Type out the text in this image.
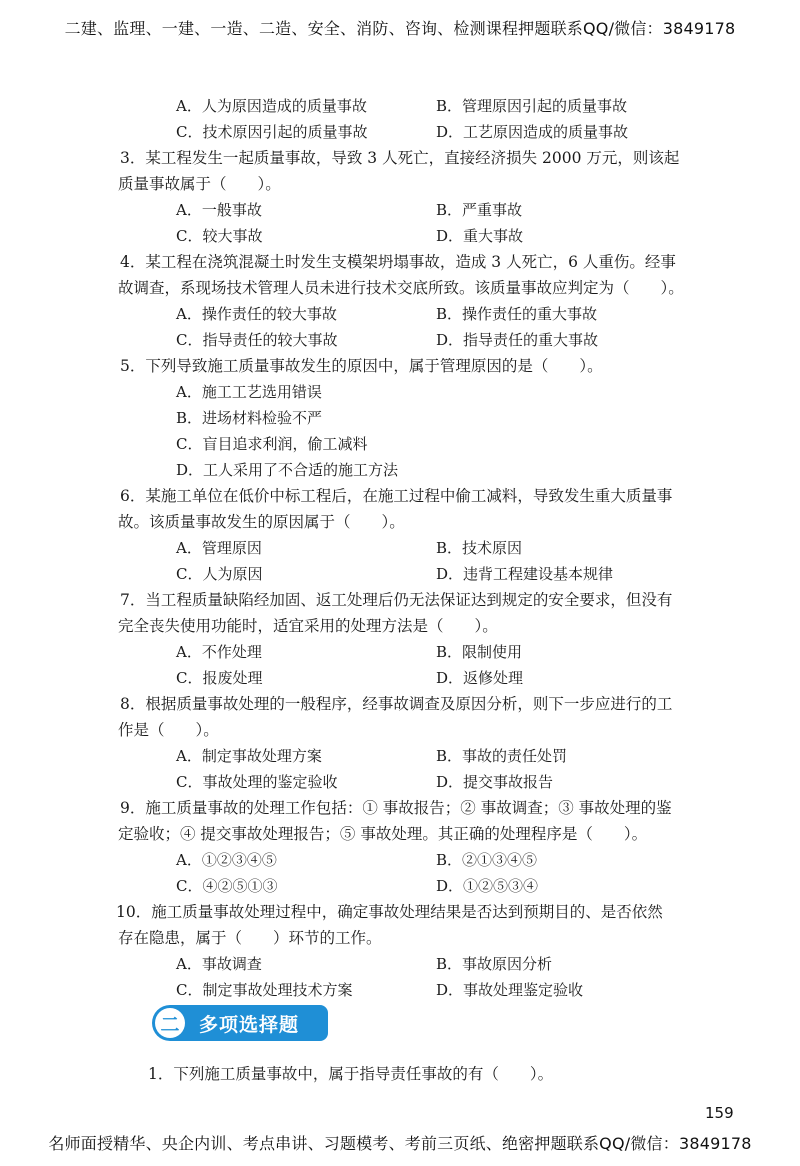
二建、监理、一建、一造、二造、安全、消防、咨询、检测课程押题联系QQ/微信：3849178
A．人为原因造成的质量事故	B．管理原因引起的质量事故
C．技术原因引起的质量事故	D．工艺原因造成的质量事故
3．某工程发生一起质量事故，导致 3 人死亡，直接经济损失 2000 万元，则该起
质量事故属于（　　）。
A．一般事故	B．严重事故
C．较大事故	D．重大事故
4．某工程在浇筑混凝土时发生支模架坍塌事故，造成 3 人死亡，6 人重伤。经事
故调查，系现场技术管理人员未进行技术交底所致。该质量事故应判定为（　　）。
A．操作责任的较大事故	B．操作责任的重大事故
C．指导责任的较大事故	D．指导责任的重大事故
5．下列导致施工质量事故发生的原因中，属于管理原因的是（　　）。
A．施工工艺选用错误
B．进场材料检验不严
C．盲目追求利润，偷工减料
D．工人采用了不合适的施工方法
6．某施工单位在低价中标工程后，在施工过程中偷工减料，导致发生重大质量事
故。该质量事故发生的原因属于（　　）。
A．管理原因	B．技术原因
C．人为原因	D．违背工程建设基本规律
7．当工程质量缺陷经加固、返工处理后仍无法保证达到规定的安全要求，但没有
完全丧失使用功能时，适宜采用的处理方法是（　　）。
A．不作处理	B．限制使用
C．报废处理	D．返修处理
8．根据质量事故处理的一般程序，经事故调查及原因分析，则下一步应进行的工
作是（　　）。
A．制定事故处理方案	B．事故的责任处罚
C．事故处理的鉴定验收	D．提交事故报告
9．施工质量事故的处理工作包括：① 事故报告；② 事故调查；③ 事故处理的鉴
定验收；④ 提交事故处理报告；⑤ 事故处理。其正确的处理程序是（　　）。
A．①②③④⑤	B．②①③④⑤
C．④②⑤①③	D．①②⑤③④
10．施工质量事故处理过程中，确定事故处理结果是否达到预期目的、是否依然
存在隐患，属于（　　）环节的工作。
A．事故调查	B．事故原因分析
C．制定事故处理技术方案	D．事故处理鉴定验收
二 多项选择题
1．下列施工质量事故中，属于指导责任事故的有（　　）。
159
名师面授精华、央企内训、考点串讲、习题模考、考前三页纸、绝密押题联系QQ/微信：3849178
